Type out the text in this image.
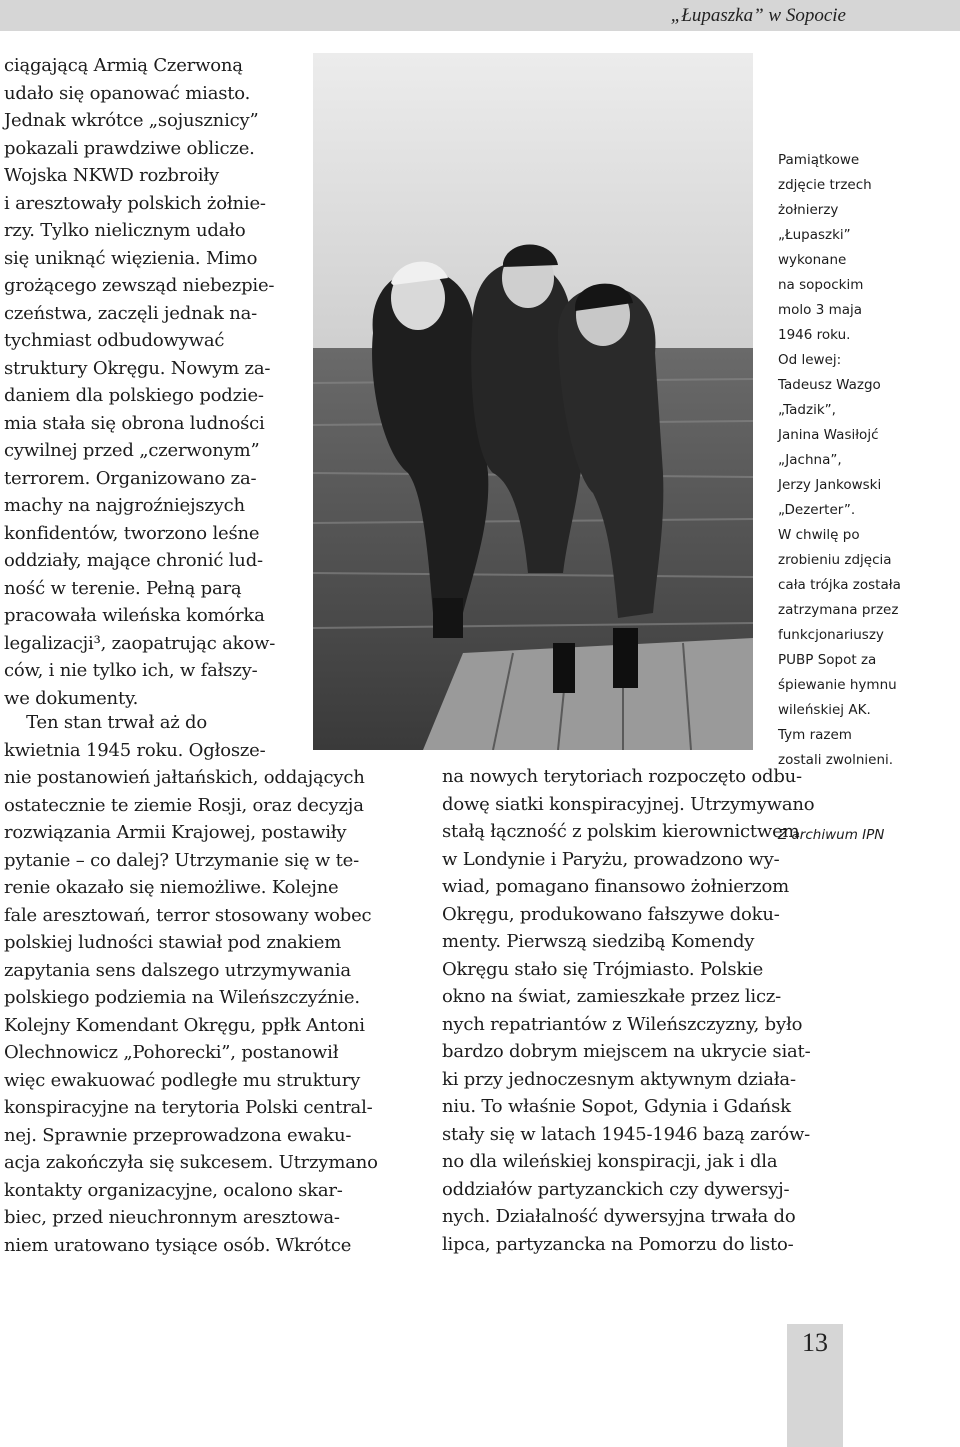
„Łupaszka” w Sopocie
ciągającą Armią Czerwoną
udało się opanować miasto.
Jednak wkrótce „sojusznicy”
pokazali prawdziwe oblicze.
Wojska NKWD rozbroiły
i aresztowały polskich żołnie-
rzy. Tylko nielicznym udało
się uniknąć więzienia. Mimo
grożącego zewsząd niebezpie-
czeństwa, zaczęli jednak na-
tychmiast odbudowywać
struktury Okręgu. Nowym za-
daniem dla polskiego podzie-
mia stała się obrona ludności
cywilnej przed „czerwonym”
terrorem. Organizowano za-
machy na najgroźniejszych
konfidentów, tworzono leśne
oddziały, mające chronić lud-
ność w terenie. Pełną parą
pracowała wileńska komórka
legalizacji³, zaopatrując akow-
ców, i nie tylko ich, w fałszy-
we dokumenty.
Ten stan trwał aż do
kwietnia 1945 roku. Ogłosze-
nie postanowień jałtańskich, oddających
ostatecznie te ziemie Rosji, oraz decyzja
rozwiązania Armii Krajowej, postawiły
pytanie – co dalej? Utrzymanie się w te-
renie okazało się niemożliwe. Kolejne
fale aresztowań, terror stosowany wobec
polskiej ludności stawiał pod znakiem
zapytania sens dalszego utrzymywania
polskiego podziemia na Wileńszczyźnie.
Kolejny Komendant Okręgu, ppłk Antoni
Olechnowicz „Pohorecki”, postanowił
więc ewakuować podległe mu struktury
konspiracyjne na terytoria Polski central-
nej. Sprawnie przeprowadzona ewaku-
acja zakończyła się sukcesem. Utrzymano
kontakty organizacyjne, ocalono skar-
biec, przed nieuchronnym aresztowa-
niem uratowano tysiące osób. Wkrótce
na nowych terytoriach rozpoczęto odbu-
dowę siatki konspiracyjnej. Utrzymywano
stałą łączność z polskim kierownictwem
w Londynie i Paryżu, prowadzono wy-
wiad, pomagano finansowo żołnierzom
Okręgu, produkowano fałszywe doku-
menty. Pierwszą siedzibą Komendy
Okręgu stało się Trójmiasto. Polskie
okno na świat, zamieszkałe przez licz-
nych repatriantów z Wileńszczyzny, było
bardzo dobrym miejscem na ukrycie siat-
ki przy jednoczesnym aktywnym działa-
niu. To właśnie Sopot, Gdynia i Gdańsk
stały się w latach 1945-1946 bazą zarów-
no dla wileńskiej konspiracji, jak i dla
oddziałów partyzanckich czy dywersyj-
nych. Działalność dywersyjna trwała do
lipca, partyzancka na Pomorzu do listo-

Pamiątkowe
zdjęcie trzech
żołnierzy
„Łupaszki”
wykonane
na sopockim
molo 3 maja
1946 roku.
Od lewej:
Tadeusz Wazgo
„Tadzik”,
Janina Wasiłojć
„Jachna”,
Jerzy Jankowski
„Dezerter”.
W chwilę po
zrobieniu zdjęcia
cała trójka została
zatrzymana przez
funkcjonariuszy
PUBP Sopot za
śpiewanie hymnu
wileńskiej AK.
Tym razem
zostali zwolnieni.

Z archiwum IPN

13
